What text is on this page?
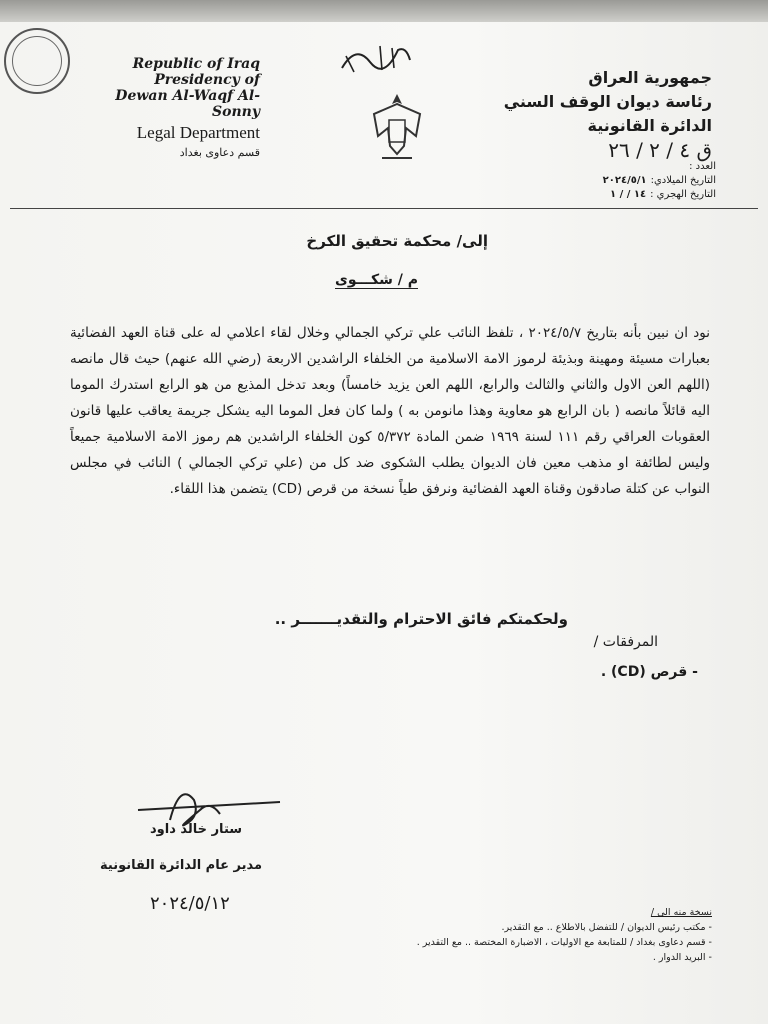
Republic of Iraq
Presidency of
Dewan Al-Waqf Al- Sonny
Legal Department
قسم دعاوى بغداد
جمهورية العراق
رئاسة ديوان الوقف السني
الدائرة القانونية
ق ٤ / ٢ / ٢٦
العدد :
التاريخ الميلادي:٢٠٢٤/٥/١
التاريخ الهجري :١٤ / / ١
إلى/ محكمة تحقيق الكرخ
م / شكـــوى
نود ان نبين بأنه بتاريخ ٢٠٢٤/٥/٧ ، تلفظ النائب علي تركي الجمالي وخلال لقاء اعلامي له على قناة العهد الفضائية بعبارات مسيئة ومهينة وبذيئة لرموز الامة الاسلامية من الخلفاء الراشدين الاربعة (رضي الله عنهم) حيث قال مانصه (اللهم العن الاول والثاني والثالث والرابع، اللهم العن يزيد خامساً) وبعد تدخل المذيع من هو الرابع استدرك الموما اليه قائلاً مانصه ( بان الرابع هو معاوية وهذا مانومن به ) ولما كان فعل الموما اليه يشكل جريمة يعاقب عليها قانون العقوبات العراقي رقم ١١١ لسنة ١٩٦٩ ضمن المادة ٥/٣٧٢ كون الخلفاء الراشدين هم رموز الامة الاسلامية جميعاً وليس لطائفة او مذهب معين فان الديوان يطلب الشكوى ضد كل من (علي تركي الجمالي ) النائب في مجلس النواب عن كتلة صادقون وقناة العهد الفضائية ونرفق طياً نسخة من قرص (CD) يتضمن هذا اللقاء.
ولحكمتكم فائق الاحترام والتقديـــــــر ..
المرفقات /
- قرص (CD) .
ستار خالد داود
مدير عام الدائرة القانونية
٢٠٢٤/٥/١٢	نسخة منه الى /
- مكتب رئيس الديوان / للتفضل بالاطلاع .. مع التقدير.
- قسم دعاوى بغداد / للمتابعة مع الاوليات ، الاضبارة المختصة .. مع التقدير .
- البريد الدوار .
